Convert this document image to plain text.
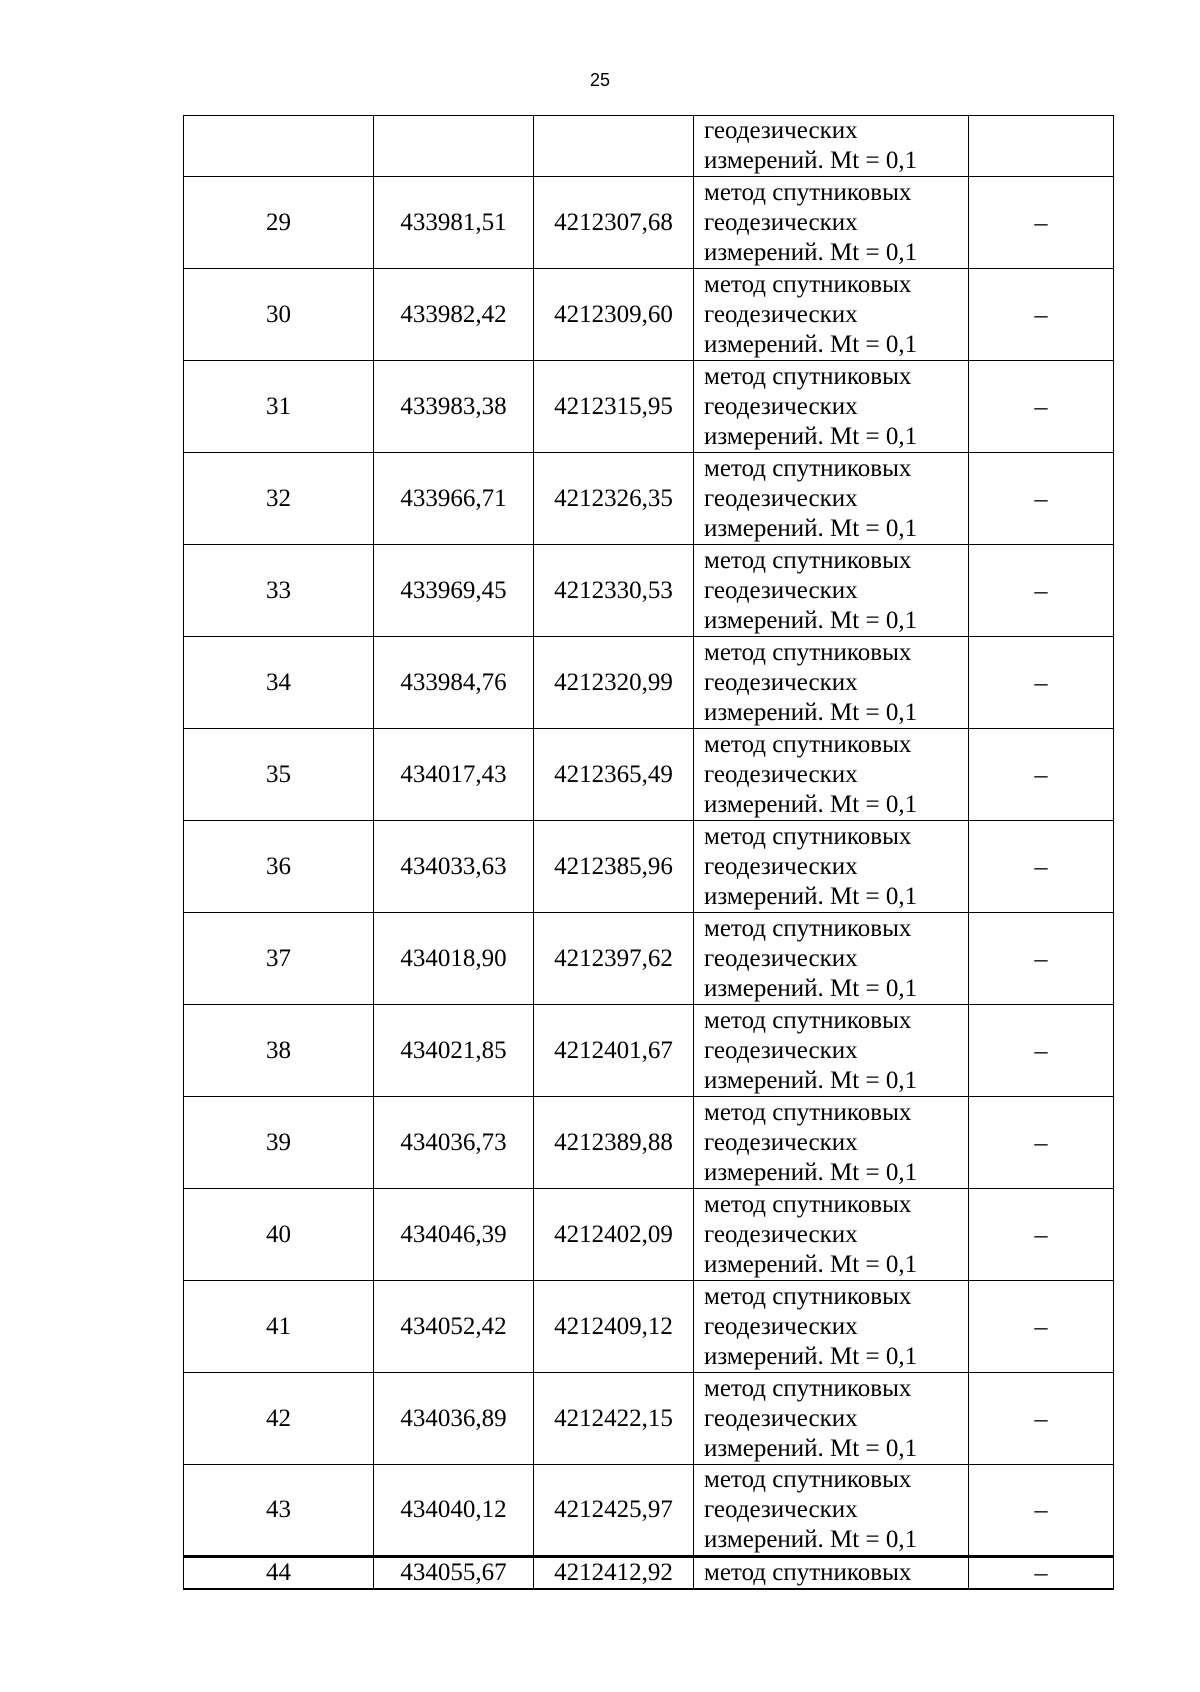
25

			геодезических
измерений. Mt = 0,1	

29	433981,51	4212307,68	метод спутниковых
геодезических
измерений. Mt = 0,1	–
30	433982,42	4212309,60	метод спутниковых
геодезических
измерений. Mt = 0,1	–
31	433983,38	4212315,95	метод спутниковых
геодезических
измерений. Mt = 0,1	–
32	433966,71	4212326,35	метод спутниковых
геодезических
измерений. Mt = 0,1	–
33	433969,45	4212330,53	метод спутниковых
геодезических
измерений. Mt = 0,1	–
34	433984,76	4212320,99	метод спутниковых
геодезических
измерений. Mt = 0,1	–
35	434017,43	4212365,49	метод спутниковых
геодезических
измерений. Mt = 0,1	–
36	434033,63	4212385,96	метод спутниковых
геодезических
измерений. Mt = 0,1	–
37	434018,90	4212397,62	метод спутниковых
геодезических
измерений. Mt = 0,1	–
38	434021,85	4212401,67	метод спутниковых
геодезических
измерений. Mt = 0,1	–
39	434036,73	4212389,88	метод спутниковых
геодезических
измерений. Mt = 0,1	–
40	434046,39	4212402,09	метод спутниковых
геодезических
измерений. Mt = 0,1	–
41	434052,42	4212409,12	метод спутниковых
геодезических
измерений. Mt = 0,1	–
42	434036,89	4212422,15	метод спутниковых
геодезических
измерений. Mt = 0,1	–
43	434040,12	4212425,97	метод спутниковых
геодезических
измерений. Mt = 0,1	–
44	434055,67	4212412,92	метод спутниковых	–
